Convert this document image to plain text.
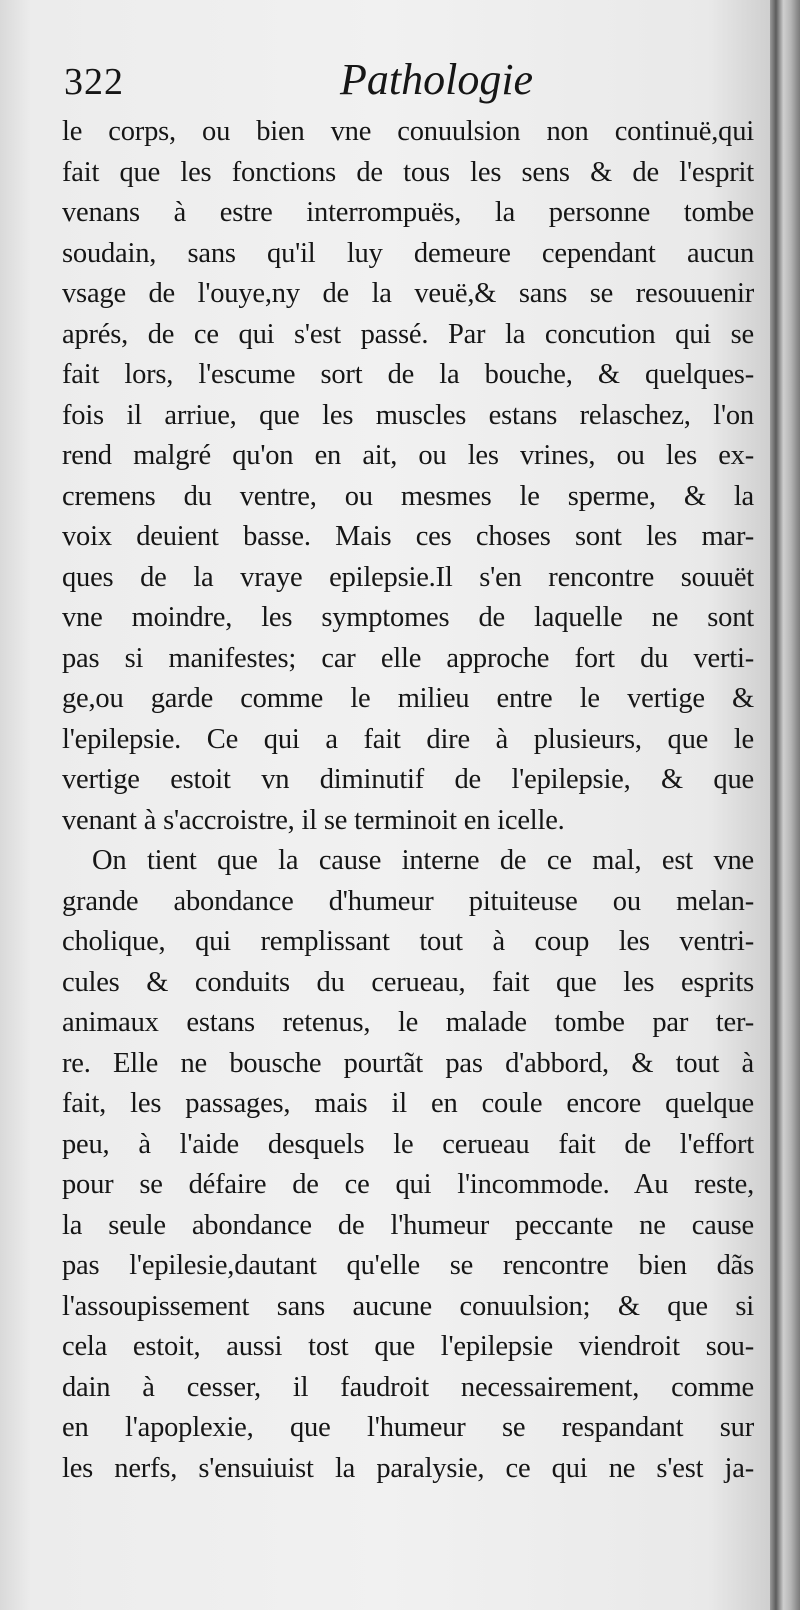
322	Pathologie
le corps, ou bien vne conuulsion non continuë,qui
fait que les fonctions de tous les sens & de l'esprit
venans à estre interrompuës, la personne tombe
soudain, sans qu'il luy demeure cependant aucun
vsage de l'ouye,ny de la veuë,& sans se resouuenir
aprés, de ce qui s'est passé. Par la concution qui se
fait lors, l'escume sort de la bouche, & quelques-
fois il arriue, que les muscles estans relaschez, l'on
rend malgré qu'on en ait, ou les vrines, ou les ex-
cremens du ventre, ou mesmes le sperme, & la
voix deuient basse. Mais ces choses sont les mar-
ques de la vraye epilepsie.Il s'en rencontre souuët
vne moindre, les symptomes de laquelle ne sont
pas si manifestes; car elle approche fort du verti-
ge,ou garde comme le milieu entre le vertige &
l'epilepsie. Ce qui a fait dire à plusieurs, que le
vertige estoit vn diminutif de l'epilepsie, & que
venant à s'accroistre, il se terminoit en icelle.
On tient que la cause interne de ce mal, est vne
grande abondance d'humeur pituiteuse ou melan-
cholique, qui remplissant tout à coup les ventri-
cules & conduits du cerueau, fait que les esprits
animaux estans retenus, le malade tombe par ter-
re. Elle ne bousche pourtãt pas d'abbord, & tout à
fait, les passages, mais il en coule encore quelque
peu, à l'aide desquels le cerueau fait de l'effort
pour se défaire de ce qui l'incommode. Au reste,
la seule abondance de l'humeur peccante ne cause
pas l'epilesie,dautant qu'elle se rencontre bien dãs
l'assoupissement sans aucune conuulsion; & que si
cela estoit, aussi tost que l'epilepsie viendroit sou-
dain à cesser, il faudroit necessairement, comme
en l'apoplexie, que l'humeur se respandant sur
les nerfs, s'ensuiuist la paralysie, ce qui ne s'est ja-
